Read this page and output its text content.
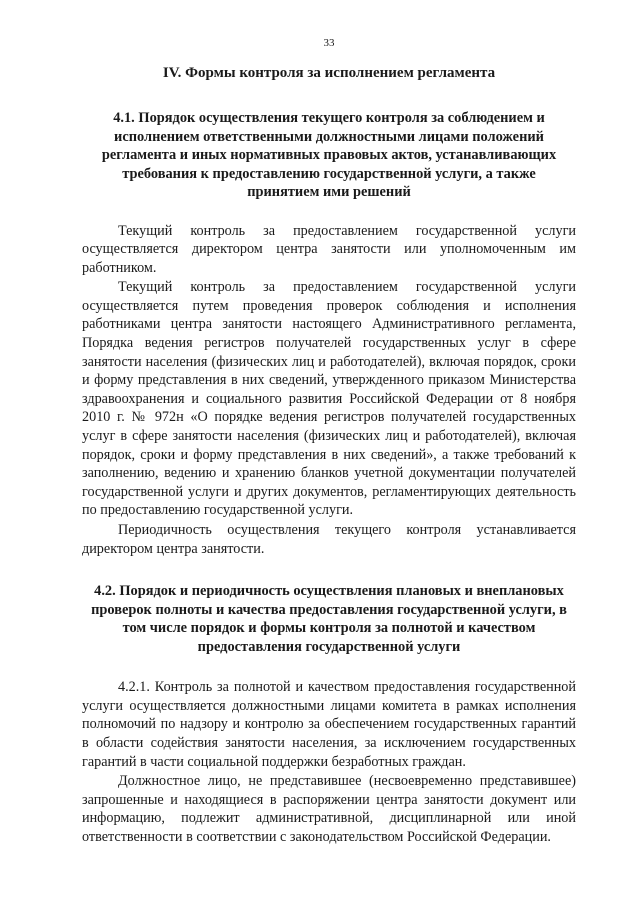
33
IV. Формы контроля за исполнением регламента
4.1. Порядок осуществления текущего контроля за соблюдением и исполнением ответственными должностными лицами положений регламента и иных нормативных правовых актов, устанавливающих требования к предоставлению государственной услуги, а также принятием ими решений

Текущий контроль за предоставлением государственной услуги осуществляется директором центра занятости или уполномоченным им работником.

Текущий контроль за предоставлением государственной услуги осуществляется путем проведения проверок соблюдения и исполнения работниками центра занятости настоящего Административного регламента, Порядка ведения регистров получателей государственных услуг в сфере занятости населения (физических лиц и работодателей), включая порядок, сроки и форму представления в них сведений, утвержденного приказом Министерства здравоохранения и социального развития Российской Федерации от 8 ноября 2010 г. № 972н «О порядке ведения регистров получателей государственных услуг в сфере занятости населения (физических лиц и работодателей), включая порядок, сроки и форму представления в них сведений», а также требований к заполнению, ведению и хранению бланков учетной документации получателей государственной услуги и других документов, регламентирующих деятельность по предоставлению государственной услуги.

Периодичность осуществления текущего контроля устанавливается директором центра занятости.

4.2. Порядок и периодичность осуществления плановых и внеплановых проверок полноты и качества предоставления государственной услуги, в том числе порядок и формы контроля за полнотой и качеством предоставления государственной услуги

4.2.1. Контроль за полнотой и качеством предоставления государственной услуги осуществляется должностными лицами комитета в рамках исполнения полномочий по надзору и контролю за обеспечением государственных гарантий в области содействия занятости населения, за исключением государственных гарантий в части социальной поддержки безработных граждан.

Должностное лицо, не представившее (несвоевременно представившее) запрошенные и находящиеся в распоряжении центра занятости документ или информацию, подлежит административной, дисциплинарной или иной ответственности в соответствии с законодательством Российской Федерации.
